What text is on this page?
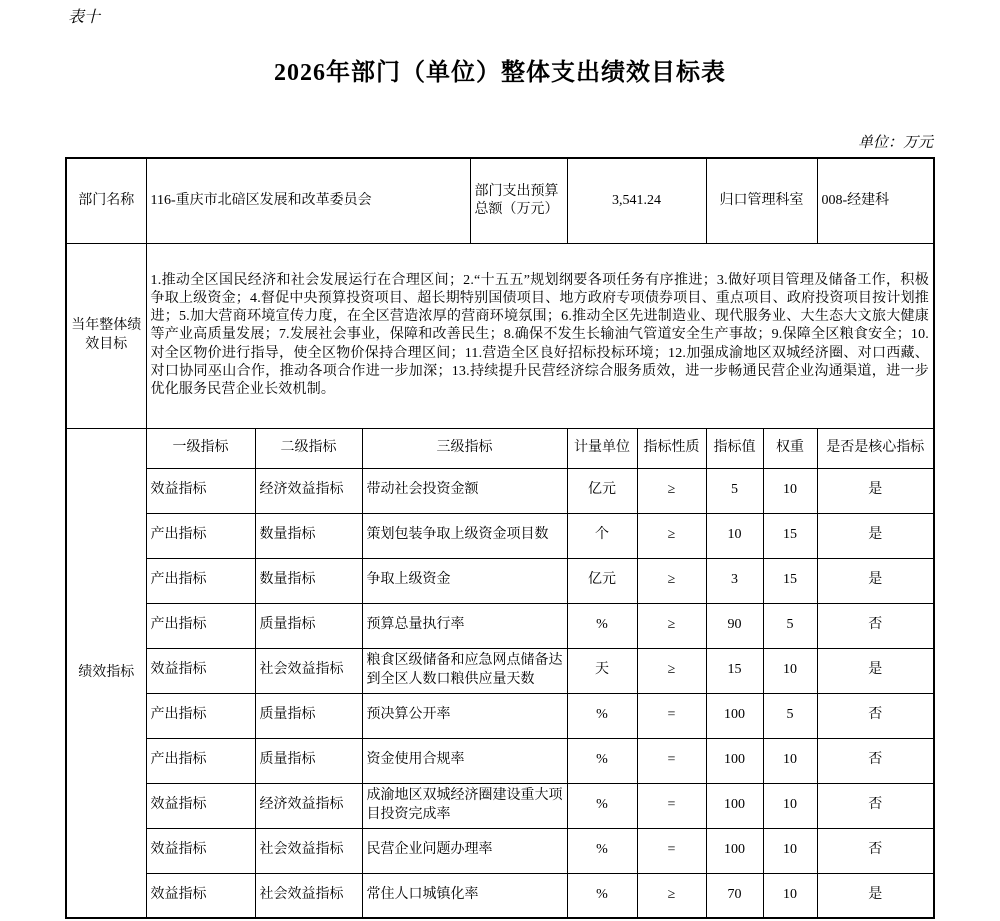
表十
2026年部门（单位）整体支出绩效目标表
单位：万元
部门名称	116-重庆市北碚区发展和改革委员会			部门支出预算总额（万元）	3,541.24		归口管理科室		008-经建科
当年整体绩效目标	1.推动全区国民经济和社会发展运行在合理区间；2.“十五五”规划纲要各项任务有序推进；3.做好项目管理及储备工作，积极争取上级资金；4.督促中央预算投资项目、超长期特别国债项目、地方政府专项债券项目、重点项目、政府投资项目按计划推进；5.加大营商环境宣传力度，在全区营造浓厚的营商环境氛围；6.推动全区先进制造业、现代服务业、大生态大文旅大健康等产业高质量发展；7.发展社会事业，保障和改善民生；8.确保不发生长输油气管道安全生产事故；9.保障全区粮食安全；10.对全区物价进行指导，使全区物价保持合理区间；11.营造全区良好招标投标环境；12.加强成渝地区双城经济圈、对口西藏、对口协同巫山合作，推动各项合作进一步加深；13.持续提升民营经济综合服务质效，进一步畅通民营企业沟通渠道，进一步优化服务民营企业长效机制。								
绩效指标	一级指标	二级指标	三级指标		计量单位	指标性质	指标值	权重	是否是核心指标
	效益指标	经济效益指标	带动社会投资金额		亿元	≥	5	10	是
	产出指标	数量指标	策划包装争取上级资金项目数		个	≥	10	15	是
	产出指标	数量指标	争取上级资金		亿元	≥	3	15	是
	产出指标	质量指标	预算总量执行率		%	≥	90	5	否
	效益指标	社会效益指标	粮食区级储备和应急网点储备达到全区人数口粮供应量天数		天	≥	15	10	是
	产出指标	质量指标	预决算公开率		%	=	100	5	否
	产出指标	质量指标	资金使用合规率		%	=	100	10	否
	效益指标	经济效益指标	成渝地区双城经济圈建设重大项目投资完成率		%	=	100	10	否
	效益指标	社会效益指标	民营企业问题办理率		%	=	100	10	否
	效益指标	社会效益指标	常住人口城镇化率		%	≥	70	10	是
